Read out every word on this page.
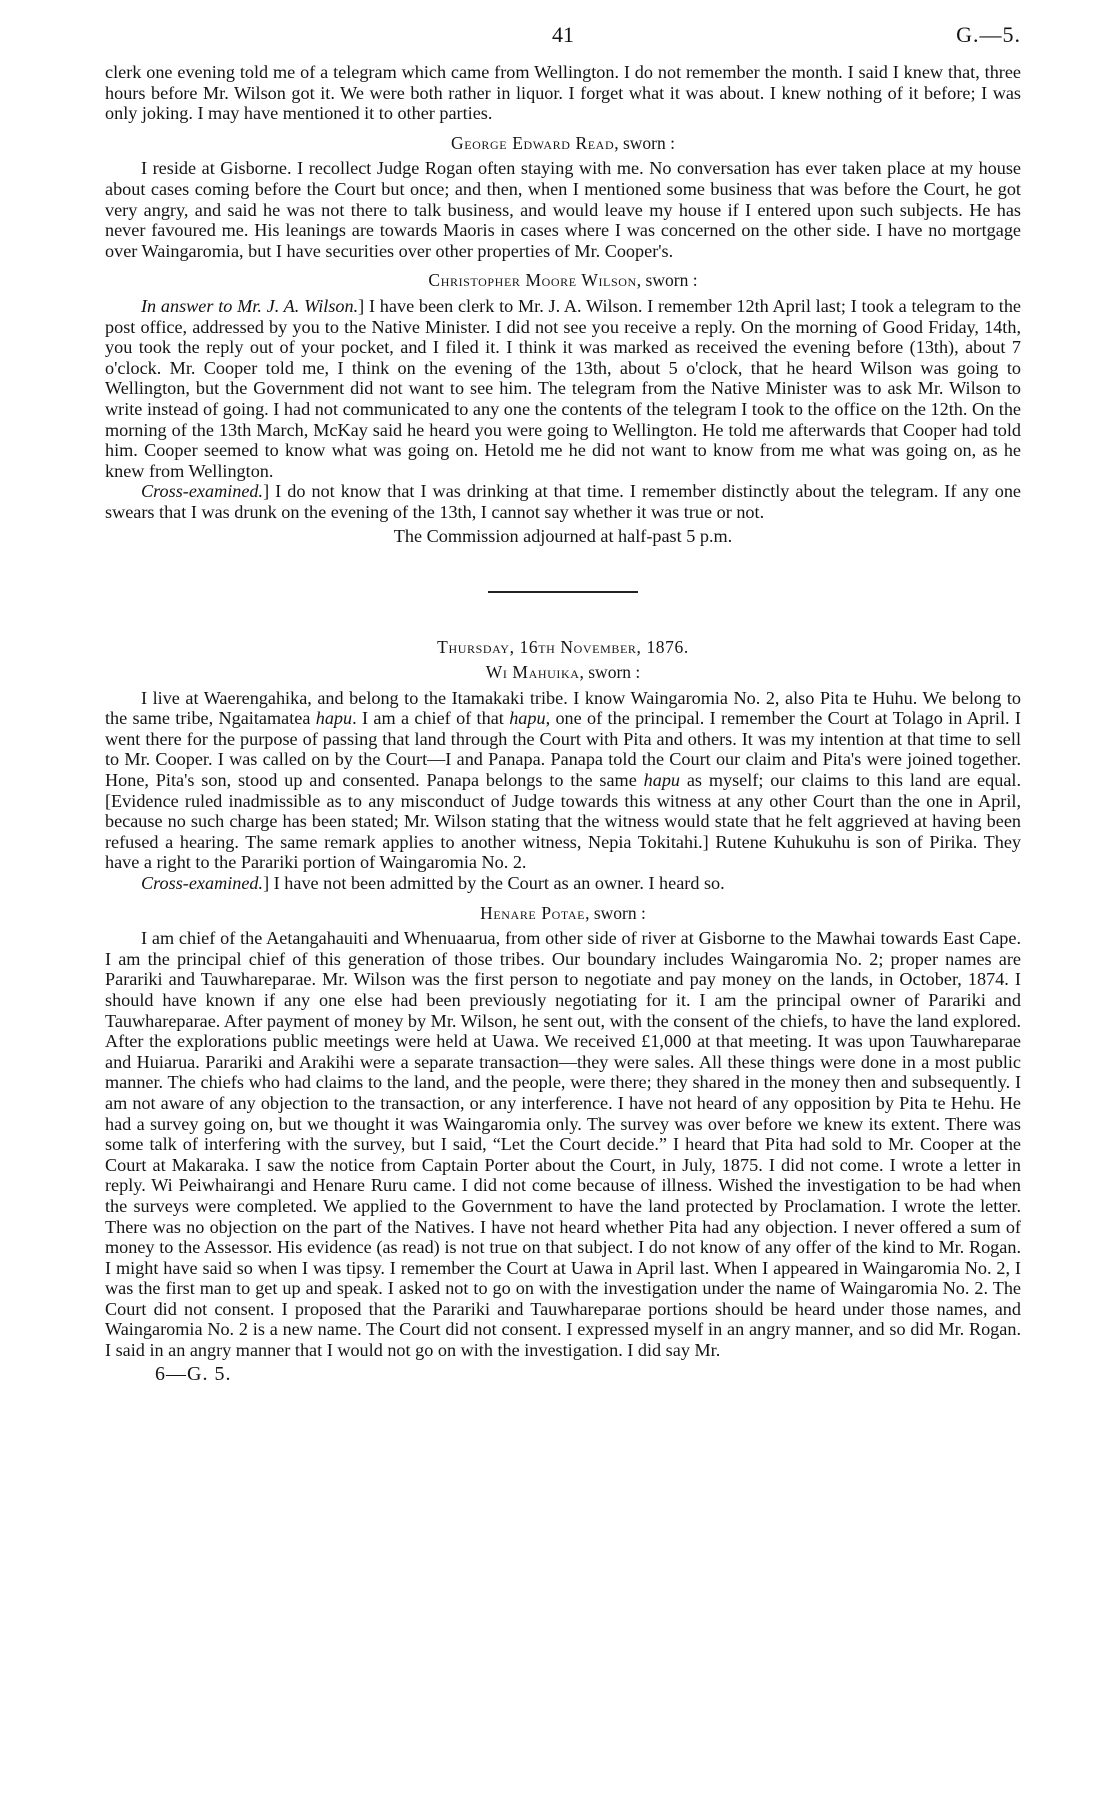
41	G.—5.

clerk one evening told me of a telegram which came from Wellington. I do not remember the month. I said I knew that, three hours before Mr. Wilson got it. We were both rather in liquor. I forget what it was about. I knew nothing of it before; I was only joking. I may have mentioned it to other parties.

George Edward Read, sworn :

I reside at Gisborne. I recollect Judge Rogan often staying with me. No conversation has ever taken place at my house about cases coming before the Court but once; and then, when I mentioned some business that was before the Court, he got very angry, and said he was not there to talk business, and would leave my house if I entered upon such subjects. He has never favoured me. His leanings are towards Maoris in cases where I was concerned on the other side. I have no mortgage over Waingaromia, but I have securities over other properties of Mr. Cooper's.

Christopher Moore Wilson, sworn :

In answer to Mr. J. A. Wilson.] I have been clerk to Mr. J. A. Wilson. I remember 12th April last; I took a telegram to the post office, addressed by you to the Native Minister. I did not see you receive a reply. On the morning of Good Friday, 14th, you took the reply out of your pocket, and I filed it. I think it was marked as received the evening before (13th), about 7 o'clock. Mr. Cooper told me, I think on the evening of the 13th, about 5 o'clock, that he heard Wilson was going to Wellington, but the Government did not want to see him. The telegram from the Native Minister was to ask Mr. Wilson to write instead of going. I had not communicated to any one the contents of the telegram I took to the office on the 12th. On the morning of the 13th March, McKay said he heard you were going to Wellington. He told me afterwards that Cooper had told him. Cooper seemed to know what was going on. Hetold me he did not want to know from me what was going on, as he knew from Wellington.

Cross-examined.] I do not know that I was drinking at that time. I remember distinctly about the telegram. If any one swears that I was drunk on the evening of the 13th, I cannot say whether it was true or not.

The Commission adjourned at half-past 5 p.m.
Thursday, 16th November, 1876.
Wi Mahuika, sworn :

I live at Waerengahika, and belong to the Itamakaki tribe. I know Waingaromia No. 2, also Pita te Huhu. We belong to the same tribe, Ngaitamatea hapu. I am a chief of that hapu, one of the principal. I remember the Court at Tolago in April. I went there for the purpose of passing that land through the Court with Pita and others. It was my intention at that time to sell to Mr. Cooper. I was called on by the Court—I and Panapa. Panapa told the Court our claim and Pita's were joined together. Hone, Pita's son, stood up and consented. Panapa belongs to the same hapu as myself; our claims to this land are equal. [Evidence ruled inadmissible as to any misconduct of Judge towards this witness at any other Court than the one in April, because no such charge has been stated; Mr. Wilson stating that the witness would state that he felt aggrieved at having been refused a hearing. The same remark applies to another witness, Nepia Tokitahi.] Rutene Kuhukuhu is son of Pirika. They have a right to the Parariki portion of Waingaromia No. 2.

Cross-examined.] I have not been admitted by the Court as an owner. I heard so.

Henare Potae, sworn :

I am chief of the Aetangahauiti and Whenuaarua, from other side of river at Gisborne to the Mawhai towards East Cape. I am the principal chief of this generation of those tribes. Our boundary includes Waingaromia No. 2; proper names are Parariki and Tauwhareparae. Mr. Wilson was the first person to negotiate and pay money on the lands, in October, 1874. I should have known if any one else had been previously negotiating for it. I am the principal owner of Parariki and Tauwhareparae. After payment of money by Mr. Wilson, he sent out, with the consent of the chiefs, to have the land explored. After the explorations public meetings were held at Uawa. We received £1,000 at that meeting. It was upon Tauwhareparae and Huiarua. Parariki and Arakihi were a separate transaction—they were sales. All these things were done in a most public manner. The chiefs who had claims to the land, and the people, were there; they shared in the money then and subsequently. I am not aware of any objection to the transaction, or any interference. I have not heard of any opposition by Pita te Hehu. He had a survey going on, but we thought it was Waingaromia only. The survey was over before we knew its extent. There was some talk of interfering with the survey, but I said, “Let the Court decide.” I heard that Pita had sold to Mr. Cooper at the Court at Makaraka. I saw the notice from Captain Porter about the Court, in July, 1875. I did not come. I wrote a letter in reply. Wi Peiwhairangi and Henare Ruru came. I did not come because of illness. Wished the investigation to be had when the surveys were completed. We applied to the Government to have the land protected by Proclamation. I wrote the letter. There was no objection on the part of the Natives. I have not heard whether Pita had any objection. I never offered a sum of money to the Assessor. His evidence (as read) is not true on that subject. I do not know of any offer of the kind to Mr. Rogan. I might have said so when I was tipsy. I remember the Court at Uawa in April last. When I appeared in Waingaromia No. 2, I was the first man to get up and speak. I asked not to go on with the investigation under the name of Waingaromia No. 2. The Court did not consent. I proposed that the Parariki and Tauwhareparae portions should be heard under those names, and Waingaromia No. 2 is a new name. The Court did not consent. I expressed myself in an angry manner, and so did Mr. Rogan. I said in an angry manner that I would not go on with the investigation. I did say Mr.

6—G. 5.
